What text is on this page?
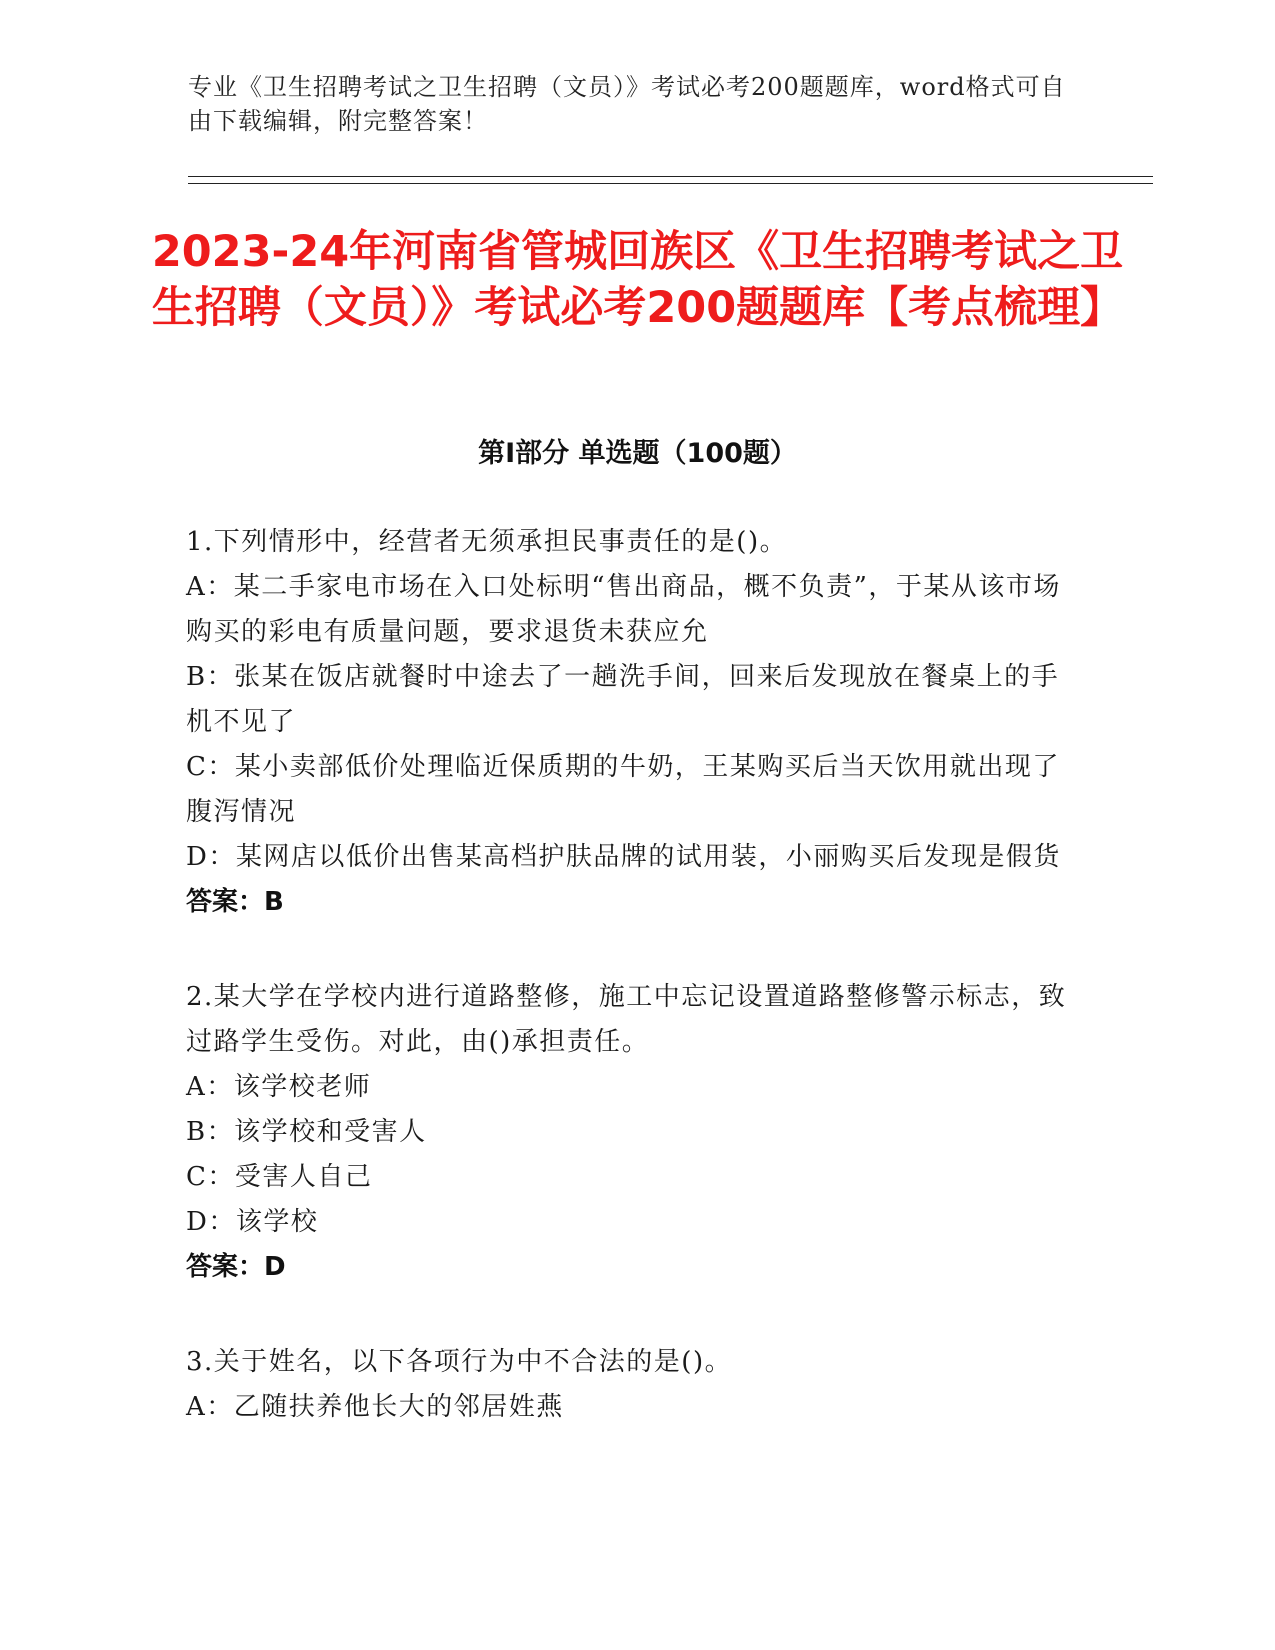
专业《卫生招聘考试之卫生招聘（文员）》考试必考200题题库，word格式可自由下载编辑，附完整答案！
2023-24年河南省管城回族区《卫生招聘考试之卫生招聘（文员）》考试必考200题题库【考点梳理】
第I部分 单选题（100题）
1.下列情形中，经营者无须承担民事责任的是()。
A：某二手家电市场在入口处标明“售出商品，概不负责”，于某从该市场购买的彩电有质量问题，要求退货未获应允
B：张某在饭店就餐时中途去了一趟洗手间，回来后发现放在餐桌上的手机不见了
C：某小卖部低价处理临近保质期的牛奶，王某购买后当天饮用就出现了腹泻情况
D：某网店以低价出售某高档护肤品牌的试用装，小丽购买后发现是假货
答案：B
2.某大学在学校内进行道路整修，施工中忘记设置道路整修警示标志，致过路学生受伤。对此，由()承担责任。
A：该学校老师
B：该学校和受害人
C：受害人自己
D：该学校
答案：D
3.关于姓名，以下各项行为中不合法的是()。
A：乙随扶养他长大的邻居姓燕
